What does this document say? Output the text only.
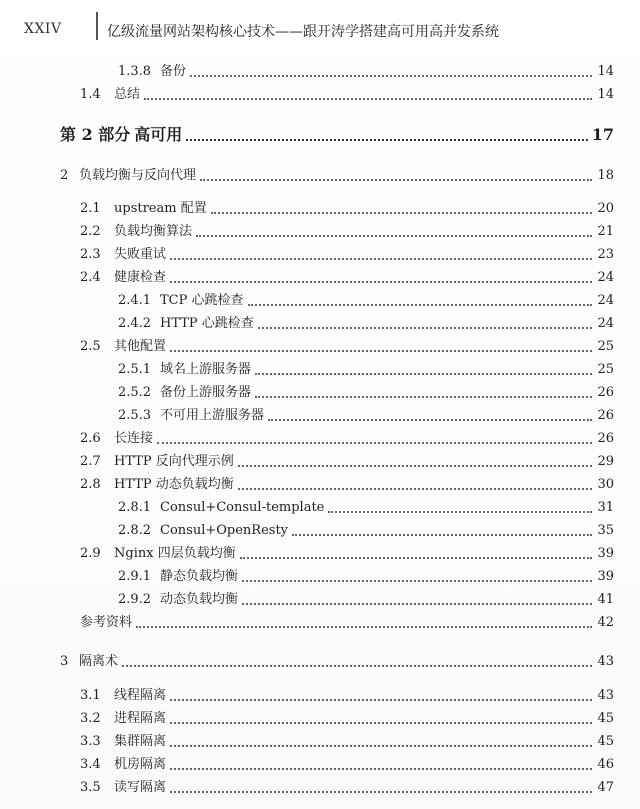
XXIV	亿级流量网站架构核心技术——跟开涛学搭建高可用高并发系统
1.3.8 备份	14
1.4	总结	14
第 2 部分 高可用	17
2 负载均衡与反向代理	18
2.1	upstream 配置	20
2.2	负载均衡算法	21
2.3	失败重试	23
2.4	健康检查	24
2.4.1 TCP 心跳检查	24
2.4.2 HTTP 心跳检查	24
2.5	其他配置	25
2.5.1 域名上游服务器	25
2.5.2 备份上游服务器	26
2.5.3 不可用上游服务器	26
2.6	长连接	26
2.7	HTTP 反向代理示例	29
2.8	HTTP 动态负载均衡	30
2.8.1 Consul+Consul-template	31
2.8.2 Consul+OpenResty	35
2.9	Nginx 四层负载均衡	39
2.9.1 静态负载均衡	39
2.9.2 动态负载均衡	41
参考资料	42
3 隔离术	43
3.1	线程隔离	43
3.2	进程隔离	45
3.3	集群隔离	45
3.4	机房隔离	46
3.5	读写隔离	47
